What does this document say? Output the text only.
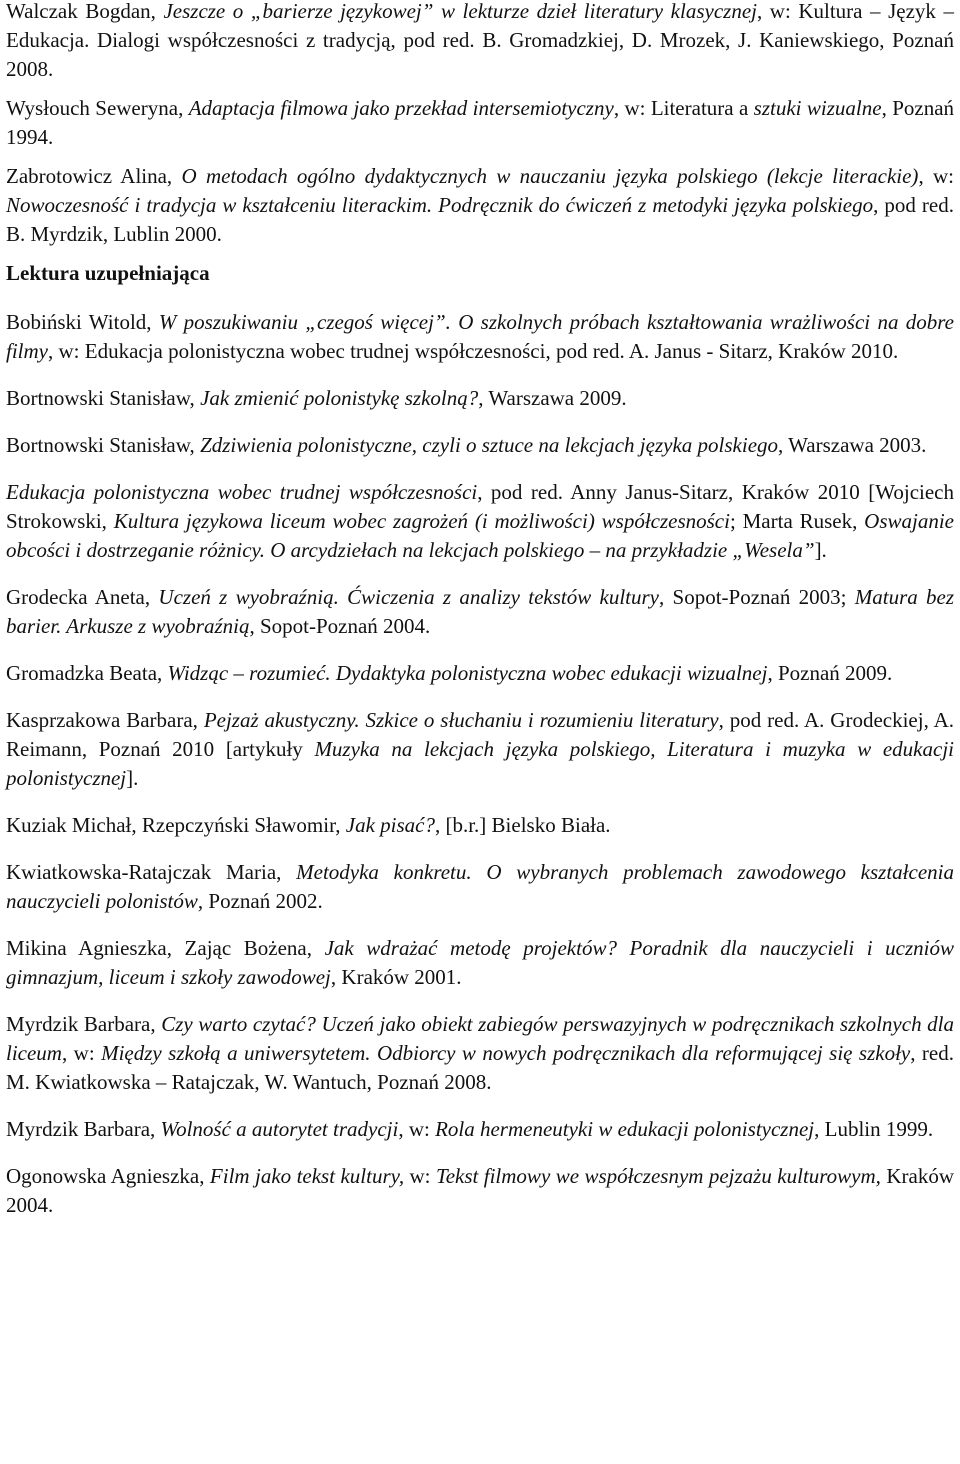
Walczak Bogdan, Jeszcze o „barierze językowej” w lekturze dzieł literatury klasycznej, w: Kultura – Język – Edukacja. Dialogi współczesności z tradycją, pod red. B. Gromadzkiej, D. Mrozek, J. Kaniewskiego, Poznań 2008.

Wysłouch Seweryna, Adaptacja filmowa jako przekład intersemiotyczny, w: Literatura a sztuki wizualne, Poznań 1994.

Zabrotowicz Alina, O metodach ogólno dydaktycznych w nauczaniu języka polskiego (lekcje literackie), w: Nowoczesność i tradycja w kształceniu literackim. Podręcznik do ćwiczeń z metodyki języka polskiego, pod red. B. Myrdzik, Lublin 2000.

Lektura uzupełniająca

Bobiński Witold, W poszukiwaniu „czegoś więcej”. O szkolnych próbach kształtowania wrażliwości na dobre filmy, w: Edukacja polonistyczna wobec trudnej współczesności, pod red. A. Janus - Sitarz, Kraków 2010.

Bortnowski Stanisław, Jak zmienić polonistykę szkolną?, Warszawa 2009.

Bortnowski Stanisław, Zdziwienia polonistyczne, czyli o sztuce na lekcjach języka polskiego, Warszawa 2003.

Edukacja polonistyczna wobec trudnej współczesności, pod red. Anny Janus-Sitarz, Kraków 2010 [Wojciech Strokowski, Kultura językowa liceum wobec zagrożeń (i możliwości) współczesności; Marta Rusek, Oswajanie obcości i dostrzeganie różnicy. O arcydziełach na lekcjach polskiego – na przykładzie „Wesela”].

Grodecka Aneta, Uczeń z wyobraźnią. Ćwiczenia z analizy tekstów kultury, Sopot-Poznań 2003; Matura bez barier. Arkusze z wyobraźnią, Sopot-Poznań 2004.

Gromadzka Beata, Widząc – rozumieć. Dydaktyka polonistyczna wobec edukacji wizualnej, Poznań 2009.

Kasprzakowa Barbara, Pejzaż akustyczny. Szkice o słuchaniu i rozumieniu literatury, pod red. A. Grodeckiej, A. Reimann, Poznań 2010 [artykuły Muzyka na lekcjach języka polskiego, Literatura i muzyka w edukacji polonistycznej].

Kuziak Michał, Rzepczyński Sławomir, Jak pisać?, [b.r.] Bielsko Biała.

Kwiatkowska-Ratajczak Maria, Metodyka konkretu. O wybranych problemach zawodowego kształcenia nauczycieli polonistów, Poznań 2002.

Mikina Agnieszka, Zając Bożena, Jak wdrażać metodę projektów? Poradnik dla nauczycieli i uczniów gimnazjum, liceum i szkoły zawodowej, Kraków 2001.

Myrdzik Barbara, Czy warto czytać? Uczeń jako obiekt zabiegów perswazyjnych w podręcznikach szkolnych dla liceum, w: Między szkołą a uniwersytetem. Odbiorcy w nowych podręcznikach dla reformującej się szkoły, red. M. Kwiatkowska – Ratajczak, W. Wantuch, Poznań 2008.

Myrdzik Barbara, Wolność a autorytet tradycji, w: Rola hermeneutyki w edukacji polonistycznej, Lublin 1999.

Ogonowska Agnieszka, Film jako tekst kultury, w: Tekst filmowy we współczesnym pejzażu kulturowym, Kraków 2004.
